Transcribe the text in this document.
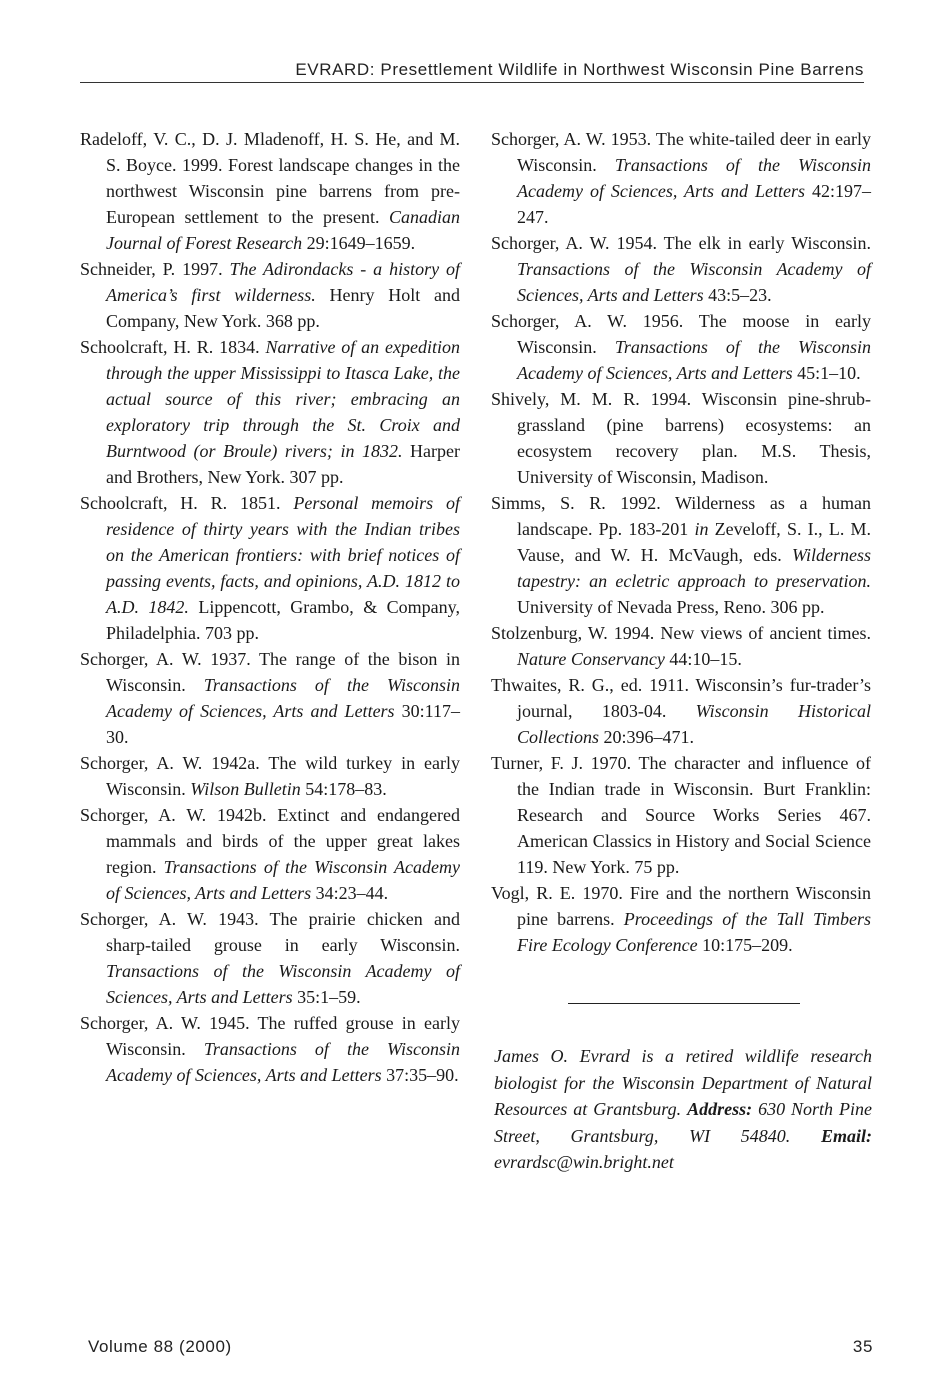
EVRARD: Presettlement Wildlife in Northwest Wisconsin Pine Barrens

Radeloff, V. C., D. J. Mladenoff, H. S. He, and M. S. Boyce. 1999. Forest landscape changes in the northwest Wisconsin pine barrens from pre-European settlement to the present. Canadian Journal of Forest Research 29:1649–1659.

Schneider, P. 1997. The Adirondacks - a history of America’s first wilderness. Henry Holt and Company, New York. 368 pp.

Schoolcraft, H. R. 1834. Narrative of an expedition through the upper Mississippi to Itasca Lake, the actual source of this river; embracing an exploratory trip through the St. Croix and Burntwood (or Broule) rivers; in 1832. Harper and Brothers, New York. 307 pp.

Schoolcraft, H. R. 1851. Personal memoirs of residence of thirty years with the Indian tribes on the American frontiers: with brief notices of passing events, facts, and opinions, A.D. 1812 to A.D. 1842. Lippencott, Grambo, & Company, Philadelphia. 703 pp.

Schorger, A. W. 1937. The range of the bison in Wisconsin. Transactions of the Wisconsin Academy of Sciences, Arts and Letters 30:117–30.

Schorger, A. W. 1942a. The wild turkey in early Wisconsin. Wilson Bulletin 54:178–83.

Schorger, A. W. 1942b. Extinct and endangered mammals and birds of the upper great lakes region. Transactions of the Wisconsin Academy of Sciences, Arts and Letters 34:23–44.

Schorger, A. W. 1943. The prairie chicken and sharp-tailed grouse in early Wisconsin. Transactions of the Wisconsin Academy of Sciences, Arts and Letters 35:1–59.

Schorger, A. W. 1945. The ruffed grouse in early Wisconsin. Transactions of the Wisconsin Academy of Sciences, Arts and Letters 37:35–90.

Schorger, A. W. 1953. The white-tailed deer in early Wisconsin. Transactions of the Wisconsin Academy of Sciences, Arts and Letters 42:197–247.

Schorger, A. W. 1954. The elk in early Wisconsin. Transactions of the Wisconsin Academy of Sciences, Arts and Letters 43:5–23.

Schorger, A. W. 1956. The moose in early Wisconsin. Transactions of the Wisconsin Academy of Sciences, Arts and Letters 45:1–10.

Shively, M. M. R. 1994. Wisconsin pine-shrub-grassland (pine barrens) ecosystems: an ecosystem recovery plan. M.S. Thesis, University of Wisconsin, Madison.

Simms, S. R. 1992. Wilderness as a human landscape. Pp. 183-201 in Zeveloff, S. I., L. M. Vause, and W. H. McVaugh, eds. Wilderness tapestry: an ecletric approach to preservation. University of Nevada Press, Reno. 306 pp.

Stolzenburg, W. 1994. New views of ancient times. Nature Conservancy 44:10–15.

Thwaites, R. G., ed. 1911. Wisconsin’s fur-trader’s journal, 1803-04. Wisconsin Historical Collections 20:396–471.

Turner, F. J. 1970. The character and influence of the Indian trade in Wisconsin. Burt Franklin: Research and Source Works Series 467. American Classics in History and Social Science 119. New York. 75 pp.

Vogl, R. E. 1970. Fire and the northern Wisconsin pine barrens. Proceedings of the Tall Timbers Fire Ecology Conference 10:175–209.

James O. Evrard is a retired wildlife research biologist for the Wisconsin Department of Natural Resources at Grantsburg. Address: 630 North Pine Street, Grantsburg, WI 54840. Email: evrardsc@win.bright.net

Volume 88 (2000)	35
